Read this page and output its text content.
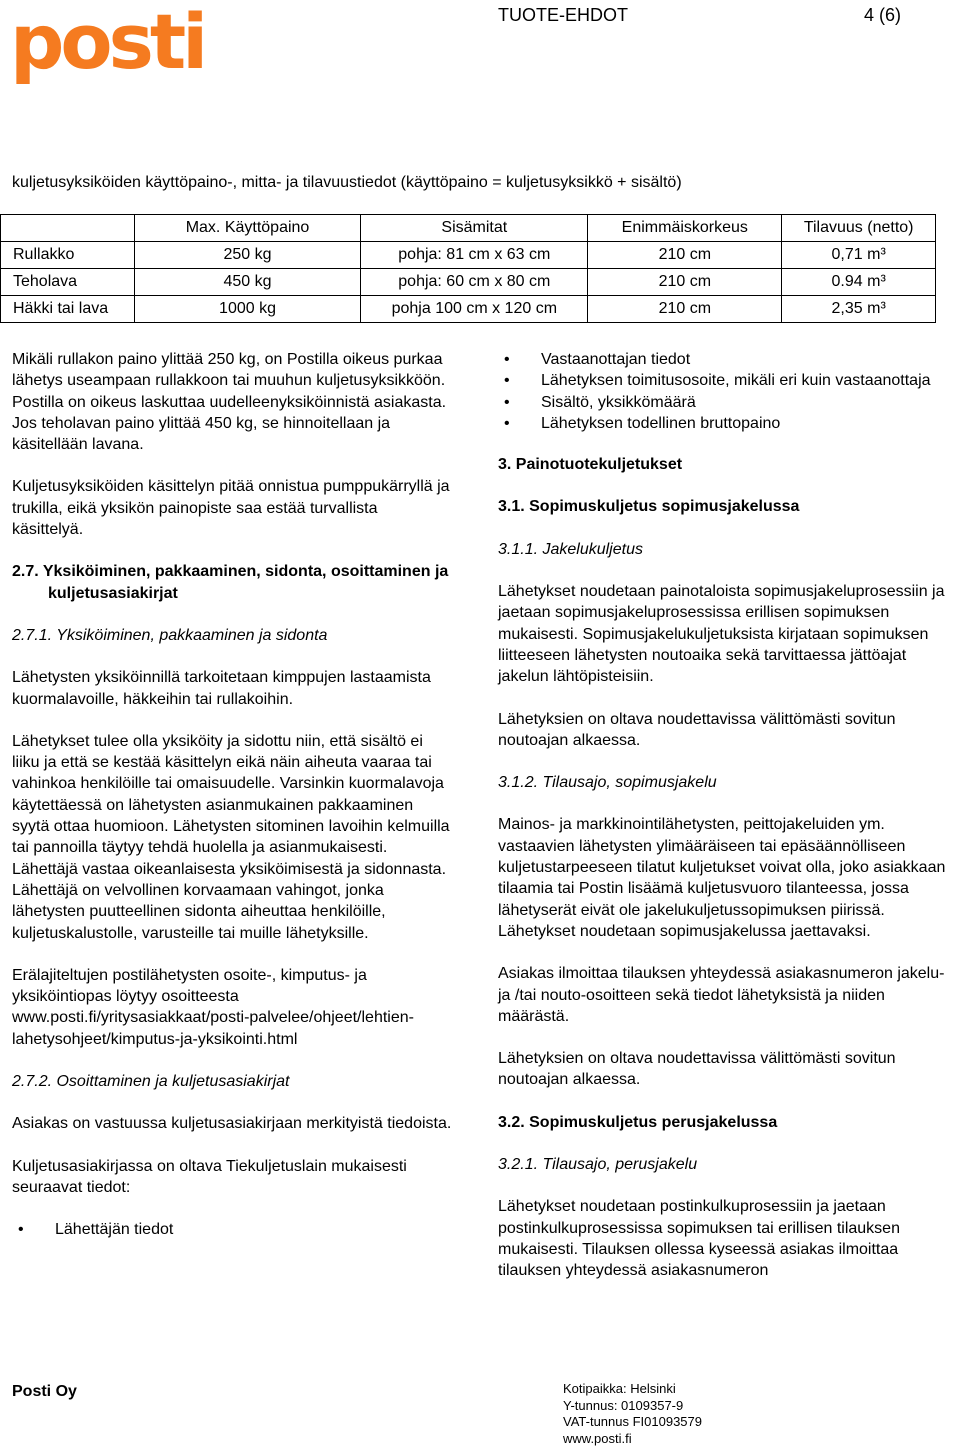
posti	TUOTE-EHDOT	4 (6)
kuljetusyksiköiden käyttöpaino-, mitta- ja tilavuustiedot (käyttöpaino = kuljetusyksikkö + sisältö)
	Max. Käyttöpaino	Sisämitat	Enimmäiskorkeus	Tilavuus (netto)
Rullakko	250 kg	pohja: 81 cm x 63 cm	210 cm	0,71 m³
Teholava	450 kg	pohja: 60 cm x 80 cm	210 cm	0.94 m³
Häkki tai lava	1000 kg	pohja 100 cm x 120 cm	210 cm	2,35 m³

Mikäli rullakon paino ylittää 250 kg, on Postilla oikeus purkaa lähetys useampaan rullakkoon tai muuhun kuljetusyksikköön. Postilla on oikeus laskuttaa uudelleenyksiköinnistä asiakasta. Jos teholavan paino ylittää 450 kg, se hinnoitellaan ja käsitellään lavana.

Kuljetusyksiköiden käsittelyn pitää onnistua pumppukärryllä ja trukilla, eikä yksikön painopiste saa estää turvallista käsittelyä.

2.7. Yksiköiminen, pakkaaminen, sidonta, osoittaminen ja kuljetusasiakirjat

2.7.1. Yksiköiminen, pakkaaminen ja sidonta

Lähetysten yksiköinnillä tarkoitetaan kimppujen lastaamista kuormalavoille, häkkeihin tai rullakoihin.

Lähetykset tulee olla yksiköity ja sidottu niin, että sisältö ei liiku ja että se kestää käsittelyn eikä näin aiheuta vaaraa tai vahinkoa henkilöille tai omaisuudelle. Varsinkin kuormalavoja käytettäessä on lähetysten asianmukainen pakkaaminen syytä ottaa huomioon. Lähetysten sitominen lavoihin kelmuilla tai pannoilla täytyy tehdä huolella ja asianmukaisesti. Lähettäjä vastaa oikeanlaisesta yksiköimisestä ja sidonnasta. Lähettäjä on velvollinen korvaamaan vahingot, jonka lähetysten puutteellinen sidonta aiheuttaa henkilöille, kuljetuskalustolle, varusteille tai muille lähetyksille.

Erälajiteltujen postilähetysten osoite-, kimputus- ja yksiköintiopas löytyy osoitteesta www.posti.fi/yritysasiakkaat/posti-palvelee/ohjeet/lehtien-lahetysohjeet/kimputus-ja-yksikointi.html

2.7.2. Osoittaminen ja kuljetusasiakirjat

Asiakas on vastuussa kuljetusasiakirjaan merkityistä tiedoista.

Kuljetusasiakirjassa on oltava Tiekuljetuslain mukaisesti seuraavat tiedot:

• Lähettäjän tiedot
• Vastaanottajan tiedot
• Lähetyksen toimitusosoite, mikäli eri kuin vastaanottaja
• Sisältö, yksikkömäärä
• Lähetyksen todellinen bruttopaino

3. Painotuotekuljetukset

3.1. Sopimuskuljetus sopimusjakelussa

3.1.1. Jakelukuljetus

Lähetykset noudetaan painotaloista sopimusjakeluprosessiin ja jaetaan sopimusjakeluprosessissa erillisen sopimuksen mukaisesti. Sopimusjakelukuljetuksista kirjataan sopimuksen liitteeseen lähetysten noutoaika sekä tarvittaessa jättöajat jakelun lähtöpisteisiin.

Lähetyksien on oltava noudettavissa välittömästi sovitun noutoajan alkaessa.

3.1.2. Tilausajo, sopimusjakelu

Mainos- ja markkinointilähetysten, peittojakeluiden ym. vastaavien lähetysten ylimääräiseen tai epäsäännölliseen kuljetustarpeeseen tilatut kuljetukset voivat olla, joko asiakkaan tilaamia tai Postin lisäämä kuljetusvuoro tilanteessa, jossa lähetyserät eivät ole jakelukuljetussopimuksen piirissä. Lähetykset noudetaan sopimusjakelussa jaettavaksi.

Asiakas ilmoittaa tilauksen yhteydessä asiakasnumeron jakelu- ja /tai nouto-osoitteen sekä tiedot lähetyksistä ja niiden määrästä.

Lähetyksien on oltava noudettavissa välittömästi sovitun noutoajan alkaessa.

3.2. Sopimuskuljetus perusjakelussa

3.2.1. Tilausajo, perusjakelu

Lähetykset noudetaan postinkulkuprosessiin ja jaetaan postinkulkuprosessissa sopimuksen tai erillisen tilauksen mukaisesti. Tilauksen ollessa kyseessä asiakas ilmoittaa tilauksen yhteydessä asiakasnumeron

Posti Oy	Kotipaikka: Helsinki
Y-tunnus: 0109357-9
VAT-tunnus FI01093579
www.posti.fi
